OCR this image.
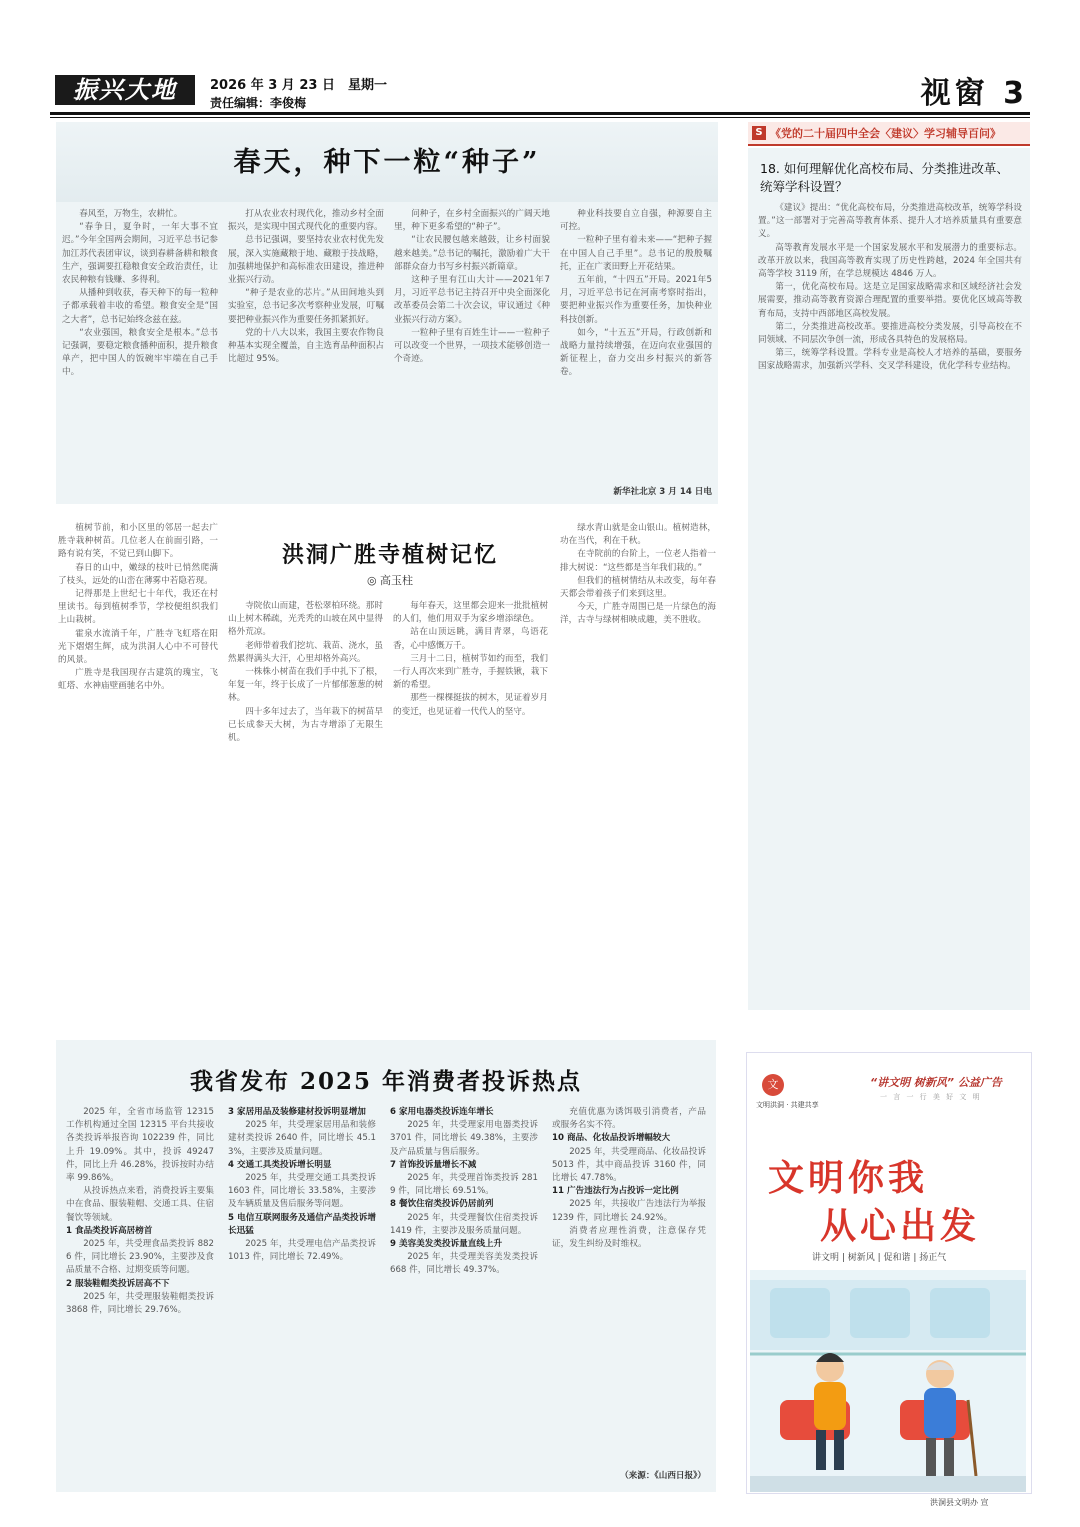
振兴大地	2026 年 3 月 23 日　星期一
责任编辑：李俊梅	视窗 3
春天，种下一粒“种子”

春风至，万物生，农耕忙。

“春争日，夏争时，一年大事不宜迟。”今年全国两会期间，习近平总书记参加江苏代表团审议，谈到春耕备耕和粮食生产，强调要扛稳粮食安全政治责任，让农民种粮有钱赚、多得利。

从播种到收获，春天种下的每一粒种子都承载着丰收的希望。粮食安全是“国之大者”，总书记始终念兹在兹。

“农业强国，粮食安全是根本。”总书记强调，要稳定粮食播种面积，提升粮食单产，把中国人的饭碗牢牢端在自己手中。

打从农业农村现代化，推动乡村全面振兴，是实现中国式现代化的重要内容。

总书记强调，要坚持农业农村优先发展，深入实施藏粮于地、藏粮于技战略，加强耕地保护和高标准农田建设，推进种业振兴行动。

“种子是农业的芯片。”从田间地头到实验室，总书记多次考察种业发展，叮嘱要把种业振兴作为重要任务抓紧抓好。

党的十八大以来，我国主要农作物良种基本实现全覆盖，自主选育品种面积占比超过 95%。

问种子，在乡村全面振兴的广阔天地里，种下更多希望的“种子”。

“让农民腰包越来越鼓，让乡村面貌越来越美。”总书记的嘱托，激励着广大干部群众奋力书写乡村振兴新篇章。

这种子里有江山大计——2021年7月，习近平总书记主持召开中央全面深化改革委员会第二十次会议，审议通过《种业振兴行动方案》。

一粒种子里有百姓生计——一粒种子可以改变一个世界，一项技术能够创造一个奇迹。

种业科技要自立自强，种源要自主可控。

一粒种子里有着未来——“把种子握在中国人自己手里”。总书记的殷殷嘱托，正在广袤田野上开花结果。

五年前，“十四五”开局。2021年5月，习近平总书记在河南考察时指出，要把种业振兴作为重要任务，加快种业科技创新。

如今，“十五五”开局，行政创新和战略力量持续增强，在迈向农业强国的新征程上，奋力交出乡村振兴的新答卷。

新华社北京 3 月 14 日电

植树节前，和小区里的邻居一起去广胜寺栽种树苗。几位老人在前面引路，一路有说有笑，不觉已到山脚下。

春日的山中，嫩绿的枝叶已悄然爬满了枝头，远处的山峦在薄雾中若隐若现。

记得那是上世纪七十年代，我还在村里读书。每到植树季节，学校便组织我们上山栽树。

霍泉水流淌千年，广胜寺飞虹塔在阳光下熠熠生辉，成为洪洞人心中不可替代的风景。

广胜寺是我国现存古建筑的瑰宝，飞虹塔、水神庙壁画驰名中外。

洪洞广胜寺植树记忆
◎ 高玉柱

寺院依山而建，苍松翠柏环绕。那时山上树木稀疏，光秃秃的山坡在风中显得格外荒凉。

老师带着我们挖坑、栽苗、浇水，虽然累得满头大汗，心里却格外高兴。

一株株小树苗在我们手中扎下了根，年复一年，终于长成了一片郁郁葱葱的树林。

四十多年过去了，当年栽下的树苗早已长成参天大树，为古寺增添了无限生机。

每年春天，这里都会迎来一批批植树的人们，他们用双手为家乡增添绿色。

站在山顶远眺，满目青翠，鸟语花香，心中感慨万千。

三月十二日，植树节如约而至，我们一行人再次来到广胜寺，手握铁锹，栽下新的希望。

那些一棵棵挺拔的树木，见证着岁月的变迁，也见证着一代代人的坚守。

绿水青山就是金山银山。植树造林，功在当代，利在千秋。

在寺院前的台阶上，一位老人指着一排大树说：“这些都是当年我们栽的。”

但我们的植树情结从未改变，每年春天都会带着孩子们来到这里。

今天，广胜寺周围已是一片绿色的海洋，古寺与绿树相映成趣，美不胜收。

我省发布 2025 年消费者投诉热点

2025 年，全省市场监管 12315 工作机构通过全国 12315 平台共接收各类投诉举报咨询 102239 件，同比上升 19.09%。其中，投诉 49247 件，同比上升 46.28%，投诉按时办结率 99.86%。

从投诉热点来看，消费投诉主要集中在食品、服装鞋帽、交通工具、住宿餐饮等领域。

1 食品类投诉高居榜首

2025 年，共受理食品类投诉 8826 件，同比增长 23.90%，主要涉及食品质量不合格、过期变质等问题。

2 服装鞋帽类投诉居高不下

2025 年，共受理服装鞋帽类投诉 3868 件，同比增长 29.76%。

3 家居用品及装修建材投诉明显增加

2025 年，共受理家居用品和装修建材类投诉 2640 件，同比增长 45.13%，主要涉及质量问题。

4 交通工具类投诉增长明显

2025 年，共受理交通工具类投诉 1603 件，同比增长 33.58%，主要涉及车辆质量及售后服务等问题。

5 电信互联网服务及通信产品类投诉增长迅猛

2025 年，共受理电信产品类投诉 1013 件，同比增长 72.49%。

6 家用电器类投诉连年增长

2025 年，共受理家用电器类投诉 3701 件，同比增长 49.38%，主要涉及产品质量与售后服务。

7 首饰投诉量增长不减

2025 年，共受理首饰类投诉 2819 件，同比增长 69.51%。

8 餐饮住宿类投诉仍居前列

2025 年，共受理餐饮住宿类投诉 1419 件，主要涉及服务质量问题。

9 美容美发类投诉量直线上升

2025 年，共受理美容美发类投诉 668 件，同比增长 49.37%。

充值优惠为诱饵吸引消费者，产品或服务名实不符。

10 商品、化妆品投诉增幅较大

2025 年，共受理商品、化妆品投诉 5013 件，其中商品投诉 3160 件，同比增长 47.78%。

11 广告违法行为占投诉一定比例

2025 年，共接收广告违法行为举报 1239 件，同比增长 24.92%。

消费者应理性消费，注意保存凭证，发生纠纷及时维权。

（来源：《山西日报》）
S 《党的二十届四中全会〈建议〉学习辅导百问》
18. 如何理解优化高校布局、分类推进改革、统筹学科设置？

《建议》提出：“优化高校布局，分类推进高校改革，统筹学科设置。”这一部署对于完善高等教育体系、提升人才培养质量具有重要意义。

高等教育发展水平是一个国家发展水平和发展潜力的重要标志。改革开放以来，我国高等教育实现了历史性跨越，2024 年全国共有高等学校 3119 所，在学总规模达 4846 万人。

第一，优化高校布局。这是立足国家战略需求和区域经济社会发展需要，推动高等教育资源合理配置的重要举措。要优化区域高等教育布局，支持中西部地区高校发展。

第二，分类推进高校改革。要推进高校分类发展，引导高校在不同领域、不同层次争创一流，形成各具特色的发展格局。

第三，统筹学科设置。学科专业是高校人才培养的基础，要服务国家战略需求，加强新兴学科、交叉学科建设，优化学科专业结构。

文
文明洪洞 · 共建共享
“讲文明 树新风” 公益广告
一 言 一 行 美 好 文 明
文明你我
从心出发
讲文明 | 树新风 | 促和谐 | 扬正气
洪洞县文明办 宣
